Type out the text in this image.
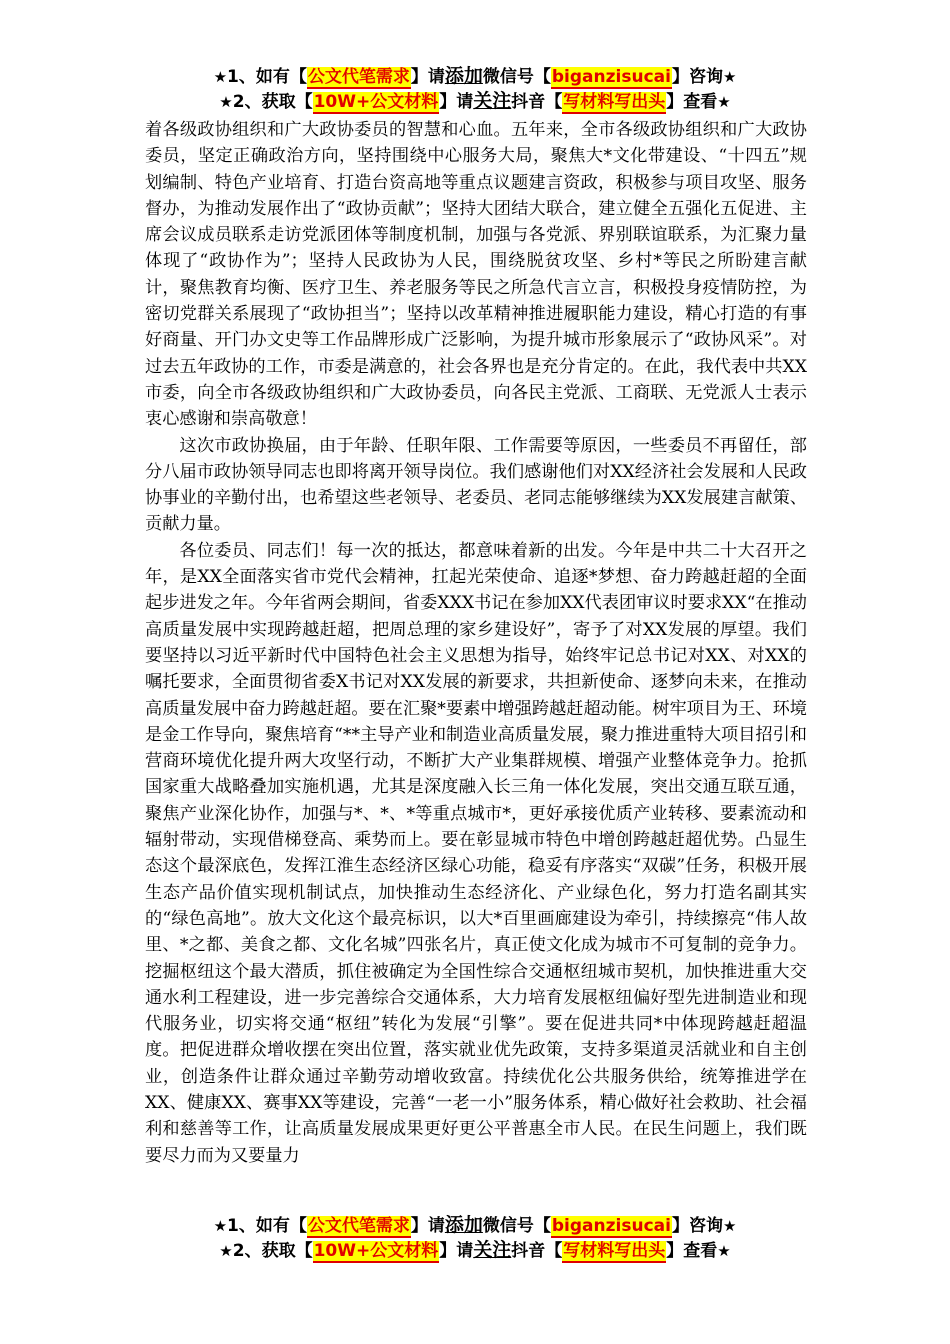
★1、如有【公文代笔需求】请添加微信号【biganzisucai】咨询★
★2、获取【10W+公文材料】请关注抖音【写材料写出头】查看★

着各级政协组织和广大政协委员的智慧和心血。五年来，全市各级政协组织和广大政协委员，坚定正确政治方向，坚持围绕中心服务大局，聚焦大*文化带建设、“十四五”规划编制、特色产业培育、打造台资高地等重点议题建言资政，积极参与项目攻坚、服务督办，为推动发展作出了“政协贡献”；坚持大团结大联合，建立健全五强化五促进、主席会议成员联系走访党派团体等制度机制，加强与各党派、界别联谊联系，为汇聚力量体现了“政协作为”；坚持人民政协为人民，围绕脱贫攻坚、乡村*等民之所盼建言献计，聚焦教育均衡、医疗卫生、养老服务等民之所急代言立言，积极投身疫情防控，为密切党群关系展现了“政协担当”；坚持以改革精神推进履职能力建设，精心打造的有事好商量、开门办文史等工作品牌形成广泛影响，为提升城市形象展示了“政协风采”。对过去五年政协的工作，市委是满意的，社会各界也是充分肯定的。在此，我代表中共XX市委，向全市各级政协组织和广大政协委员，向各民主党派、工商联、无党派人士表示衷心感谢和崇高敬意！

这次市政协换届，由于年龄、任职年限、工作需要等原因，一些委员不再留任，部分八届市政协领导同志也即将离开领导岗位。我们感谢他们对XX经济社会发展和人民政协事业的辛勤付出，也希望这些老领导、老委员、老同志能够继续为XX发展建言献策、贡献力量。

各位委员、同志们！每一次的抵达，都意味着新的出发。今年是中共二十大召开之年，是XX全面落实省市党代会精神，扛起光荣使命、追逐*梦想、奋力跨越赶超的全面起步进发之年。今年省两会期间，省委XXX书记在参加XX代表团审议时要求XX“在推动高质量发展中实现跨越赶超，把周总理的家乡建设好”，寄予了对XX发展的厚望。我们要坚持以习近平新时代中国特色社会主义思想为指导，始终牢记总书记对XX、对XX的嘱托要求，全面贯彻省委X书记对XX发展的新要求，共担新使命、逐梦向未来，在推动高质量发展中奋力跨越赶超。要在汇聚*要素中增强跨越赶超动能。树牢项目为王、环境是金工作导向，聚焦培育“**主导产业和制造业高质量发展，聚力推进重特大项目招引和营商环境优化提升两大攻坚行动，不断扩大产业集群规模、增强产业整体竞争力。抢抓国家重大战略叠加实施机遇，尤其是深度融入长三角一体化发展，突出交通互联互通，聚焦产业深化协作，加强与*、*、*等重点城市*，更好承接优质产业转移、要素流动和辐射带动，实现借梯登高、乘势而上。要在彰显城市特色中增创跨越赶超优势。凸显生态这个最深底色，发挥江淮生态经济区绿心功能，稳妥有序落实“双碳”任务，积极开展生态产品价值实现机制试点，加快推动生态经济化、产业绿色化，努力打造名副其实的“绿色高地”。放大文化这个最亮标识，以大*百里画廊建设为牵引，持续擦亮“伟人故里、*之都、美食之都、文化名城”四张名片，真正使文化成为城市不可复制的竞争力。挖掘枢纽这个最大潜质，抓住被确定为全国性综合交通枢纽城市契机，加快推进重大交通水利工程建设，进一步完善综合交通体系，大力培育发展枢纽偏好型先进制造业和现代服务业，切实将交通“枢纽”转化为发展“引擎”。要在促进共同*中体现跨越赶超温度。把促进群众增收摆在突出位置，落实就业优先政策，支持多渠道灵活就业和自主创业，创造条件让群众通过辛勤劳动增收致富。持续优化公共服务供给，统筹推进学在XX、健康XX、赛事XX等建设，完善“一老一小”服务体系，精心做好社会救助、社会福利和慈善等工作，让高质量发展成果更好更公平普惠全市人民。在民生问题上，我们既要尽力而为又要量力

★1、如有【公文代笔需求】请添加微信号【biganzisucai】咨询★
★2、获取【10W+公文材料】请关注抖音【写材料写出头】查看★
